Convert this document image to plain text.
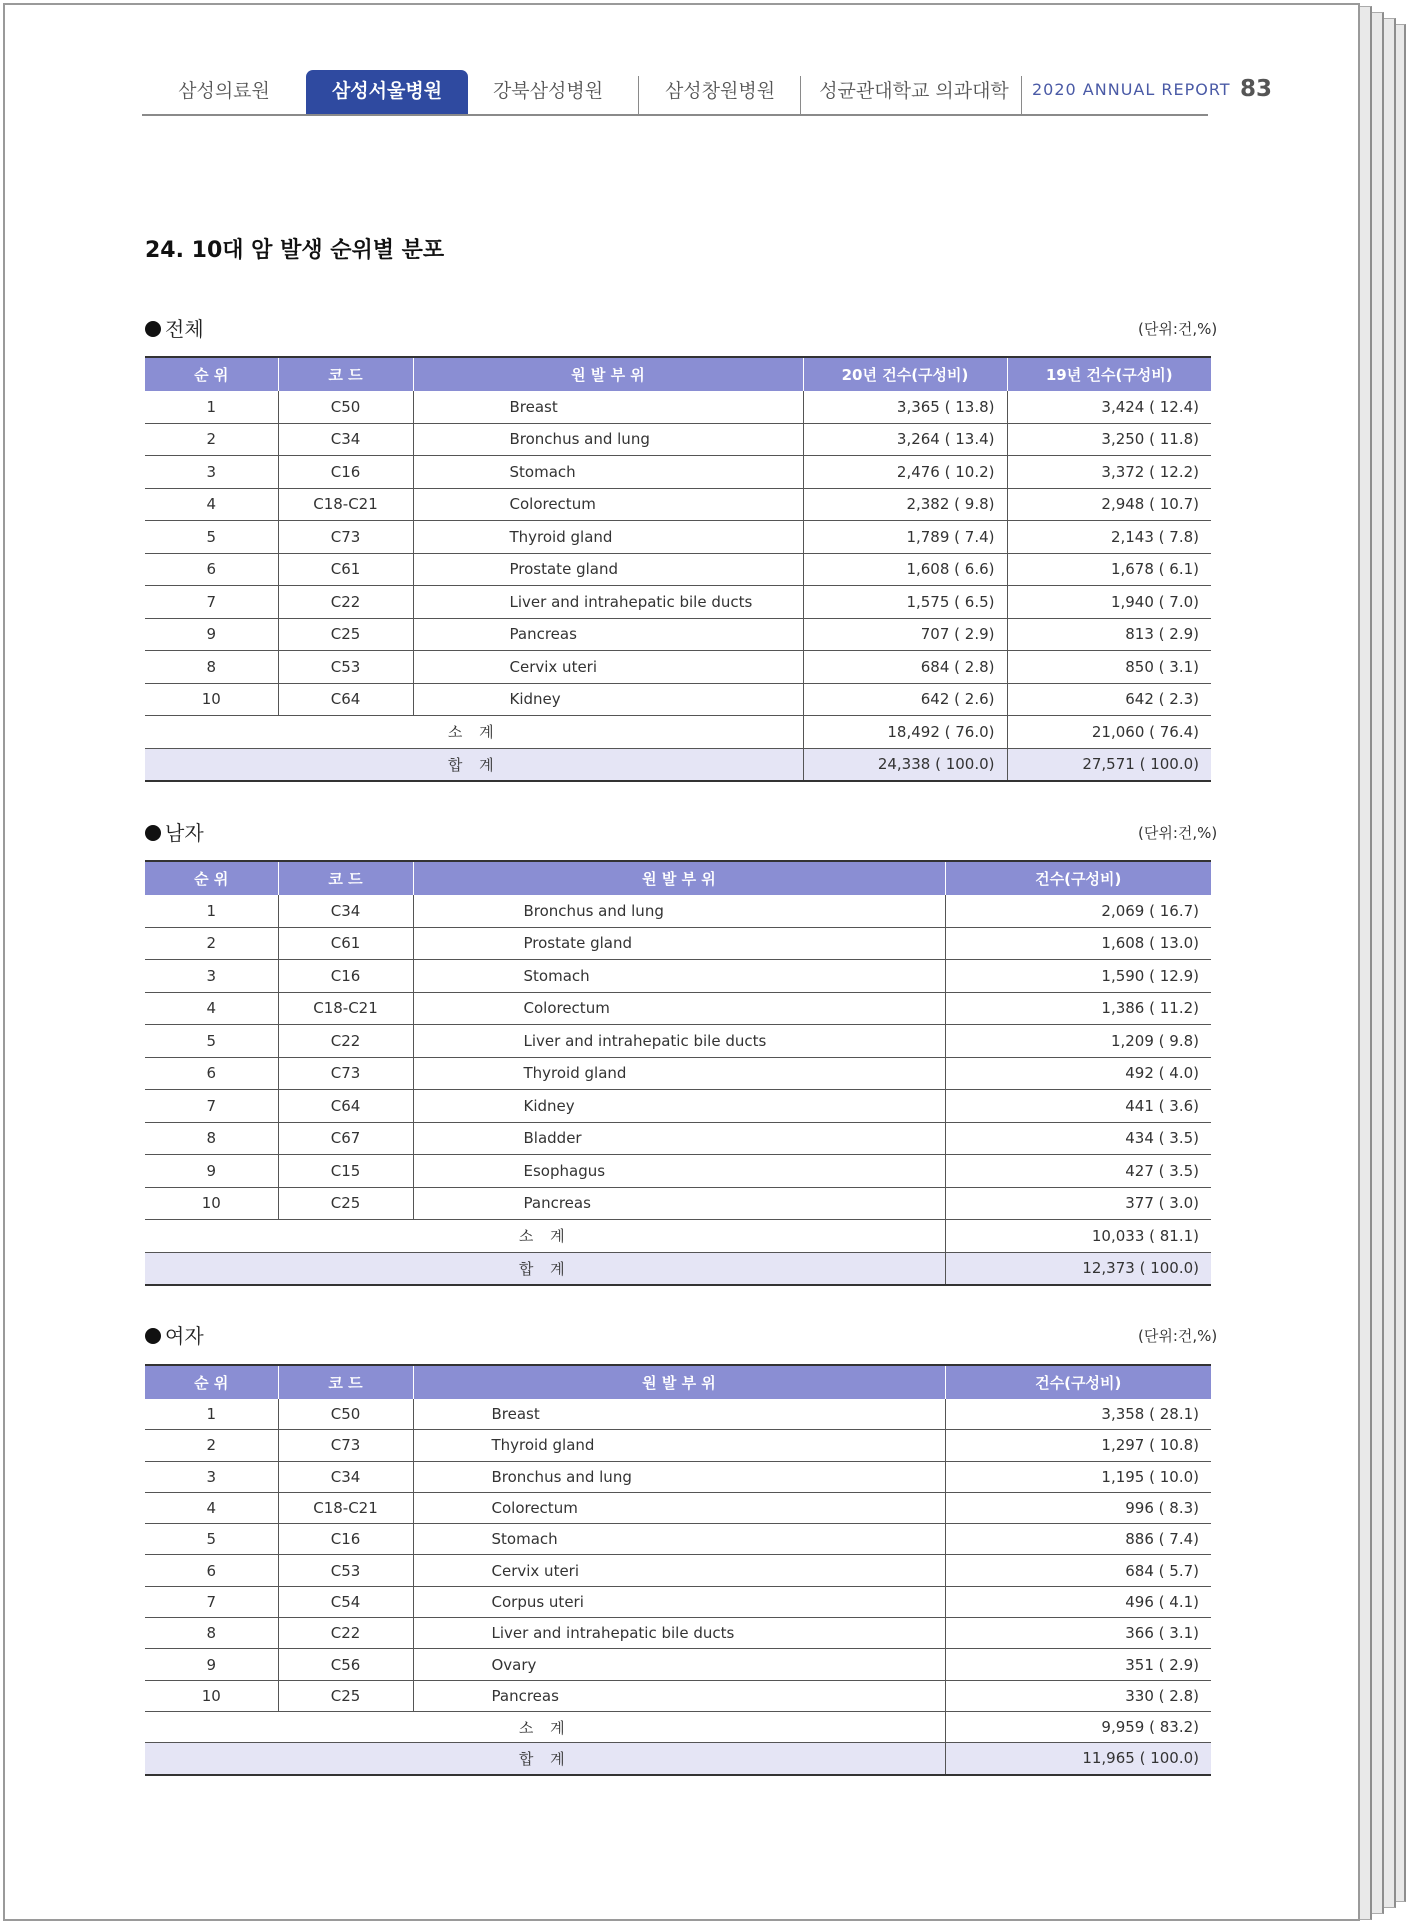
삼성의료원	삼성서울병원	강북삼성병원	삼성창원병원	성균관대학교 의과대학	2020 ANNUAL REPORT 83
24. 10대 암 발생 순위별 분포
전체	(단위:건,%)
순 위	코 드	원 발 부 위	20년 건수(구성비)	19년 건수(구성비)
1	C50	Breast	3,365 ( 13.8)	3,424 ( 12.4)
2	C34	Bronchus and lung	3,264 ( 13.4)	3,250 ( 11.8)
3	C16	Stomach	2,476 ( 10.2)	3,372 ( 12.2)
4	C18-C21	Colorectum	2,382 ( 9.8)	2,948 ( 10.7)
5	C73	Thyroid gland	1,789 ( 7.4)	2,143 ( 7.8)
6	C61	Prostate gland	1,608 ( 6.6)	1,678 ( 6.1)
7	C22	Liver and intrahepatic bile ducts	1,575 ( 6.5)	1,940 ( 7.0)
9	C25	Pancreas	707 ( 2.9)	813 ( 2.9)
8	C53	Cervix uteri	684 ( 2.8)	850 ( 3.1)
10	C64	Kidney	642 ( 2.6)	642 ( 2.3)
소 계			18,492 ( 76.0)	21,060 ( 76.4)
합 계			24,338 ( 100.0)	27,571 ( 100.0)
남자	(단위:건,%)
순 위	코 드	원 발 부 위	건수(구성비)
1	C34	Bronchus and lung	2,069 ( 16.7)
2	C61	Prostate gland	1,608 ( 13.0)
3	C16	Stomach	1,590 ( 12.9)
4	C18-C21	Colorectum	1,386 ( 11.2)
5	C22	Liver and intrahepatic bile ducts	1,209 ( 9.8)
6	C73	Thyroid gland	492 ( 4.0)
7	C64	Kidney	441 ( 3.6)
8	C67	Bladder	434 ( 3.5)
9	C15	Esophagus	427 ( 3.5)
10	C25	Pancreas	377 ( 3.0)
소 계			10,033 ( 81.1)
합 계			12,373 ( 100.0)
여자	(단위:건,%)
순 위	코 드	원 발 부 위	건수(구성비)
1	C50	Breast	3,358 ( 28.1)
2	C73	Thyroid gland	1,297 ( 10.8)
3	C34	Bronchus and lung	1,195 ( 10.0)
4	C18-C21	Colorectum	996 ( 8.3)
5	C16	Stomach	886 ( 7.4)
6	C53	Cervix uteri	684 ( 5.7)
7	C54	Corpus uteri	496 ( 4.1)
8	C22	Liver and intrahepatic bile ducts	366 ( 3.1)
9	C56	Ovary	351 ( 2.9)
10	C25	Pancreas	330 ( 2.8)
소 계			9,959 ( 83.2)
합 계			11,965 ( 100.0)
